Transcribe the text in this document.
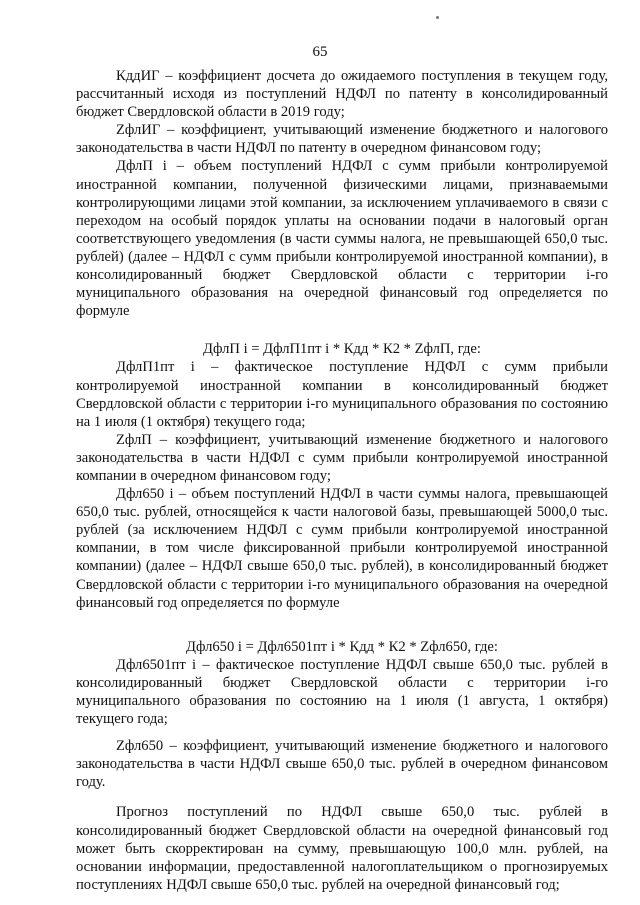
65

КддИГ – коэффициент досчета до ожидаемого поступления в текущем году, рассчитанный исходя из поступлений НДФЛ по патенту в консолидированный бюджет Свердловской области в 2019 году;

ZфлИГ – коэффициент, учитывающий изменение бюджетного и налогового законодательства в части НДФЛ по патенту в очередном финансовом году;

ДфлП i – объем поступлений НДФЛ с сумм прибыли контролируемой иностранной компании, полученной физическими лицами, признаваемыми контролирующими лицами этой компании, за исключением уплачиваемого в связи с переходом на особый порядок уплаты на основании подачи в налоговый орган соответствующего уведомления (в части суммы налога, не превышающей 650,0 тыс. рублей) (далее – НДФЛ с сумм прибыли контролируемой иностранной компании), в консолидированный бюджет Свердловской области с территории i-го муниципального образования на очередной финансовый год определяется по формуле

ДфлП i = ДфлП1пт i * Кдд * К2 * ZфлП, где:

ДфлП1пт i – фактическое поступление НДФЛ с сумм прибыли контролируемой иностранной компании в консолидированный бюджет Свердловской области с территории i-го муниципального образования по состоянию на 1 июля (1 октября) текущего года;

ZфлП – коэффициент, учитывающий изменение бюджетного и налогового законодательства в части НДФЛ с сумм прибыли контролируемой иностранной компании в очередном финансовом году;

Дфл650 i – объем поступлений НДФЛ в части суммы налога, превышающей 650,0 тыс. рублей, относящейся к части налоговой базы, превышающей 5000,0 тыс. рублей (за исключением НДФЛ с сумм прибыли контролируемой иностранной компании, в том числе фиксированной прибыли контролируемой иностранной компании) (далее – НДФЛ свыше 650,0 тыс. рублей), в консолидированный бюджет Свердловской области с территории i-го муниципального образования на очередной финансовый год определяется по формуле

Дфл650 i = Дфл6501пт i * Кдд * К2 * Zфл650, где:

Дфл6501пт i – фактическое поступление НДФЛ свыше 650,0 тыс. рублей в консолидированный бюджет Свердловской области с территории i-го муниципального образования по состоянию на 1 июля (1 августа, 1 октября) текущего года;

Zфл650 – коэффициент, учитывающий изменение бюджетного и налогового законодательства в части НДФЛ свыше 650,0 тыс. рублей в очередном финансовом году.

Прогноз поступлений по НДФЛ свыше 650,0 тыс. рублей в консолидированный бюджет Свердловской области на очередной финансовый год может быть скорректирован на сумму, превышающую 100,0 млн. рублей, на основании информации, предоставленной налогоплательщиком о прогнозируемых поступлениях НДФЛ свыше 650,0 тыс. рублей на очередной финансовый год;
